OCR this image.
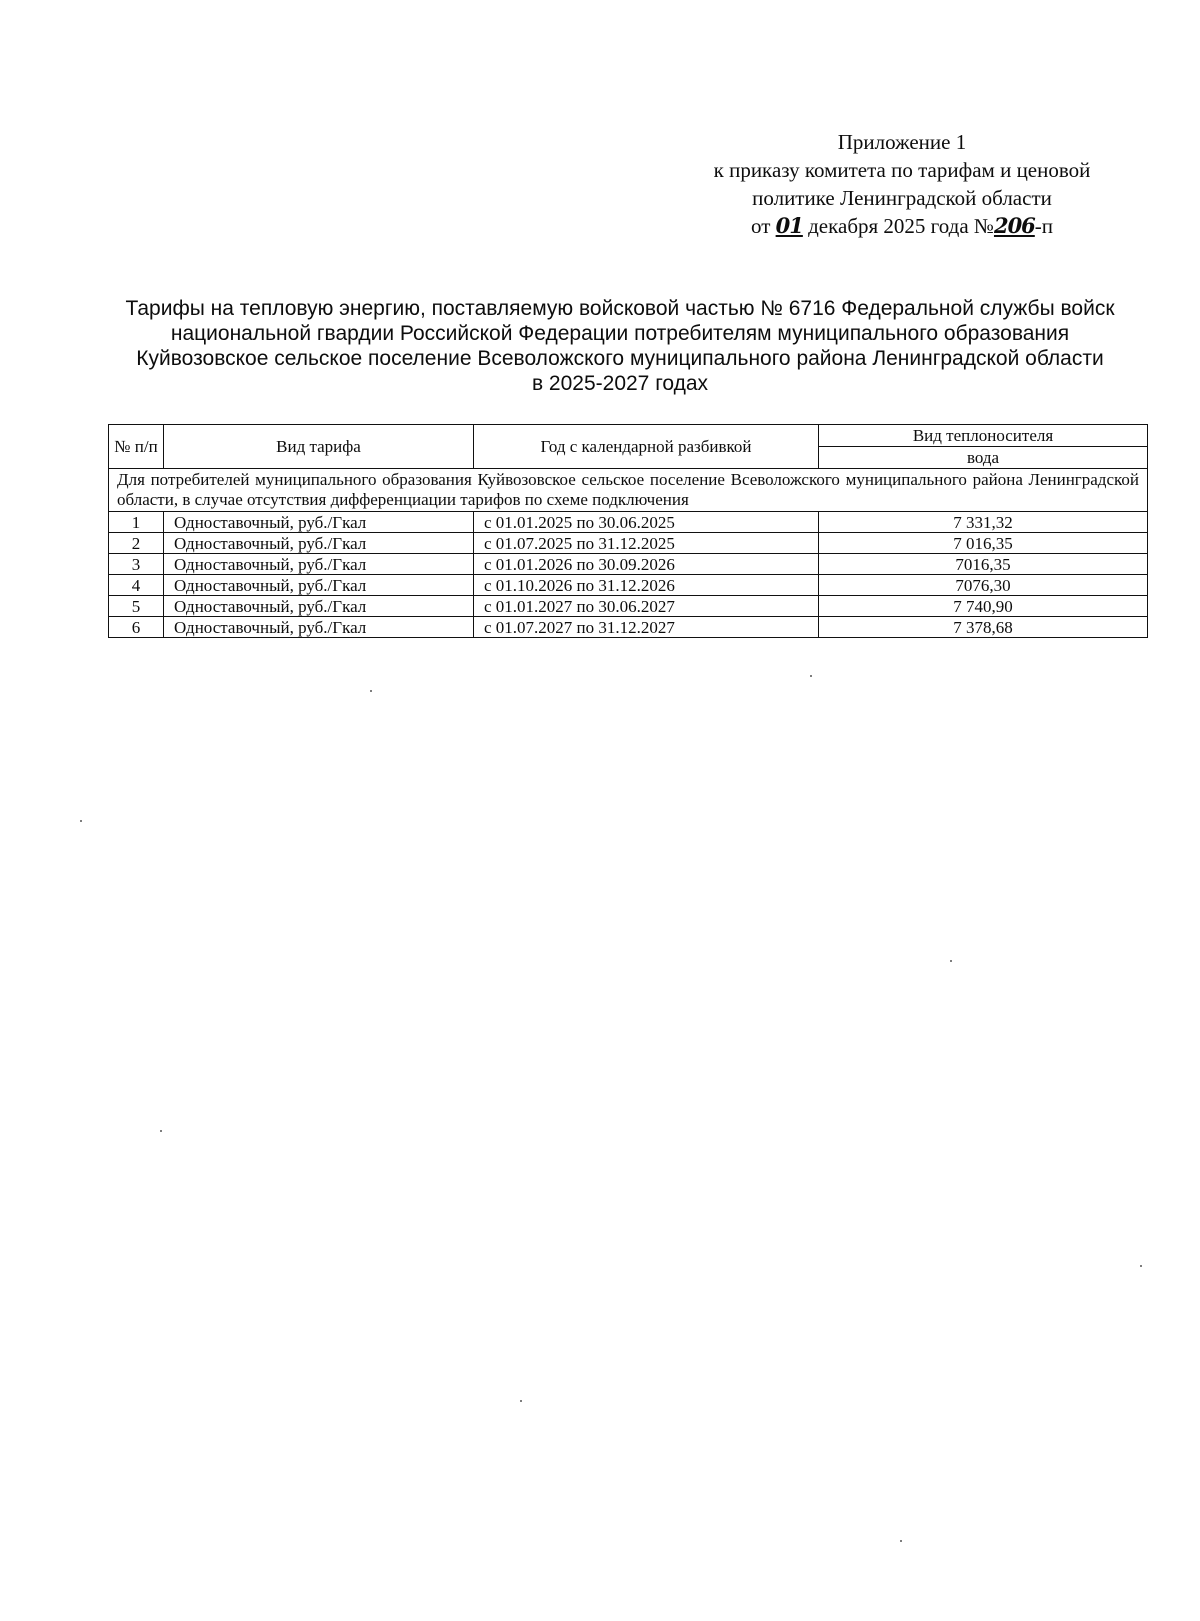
Приложение 1
к приказу комитета по тарифам и ценовой
политике Ленинградской области
от 01 декабря 2025 года №206-п
Тарифы на тепловую энергию, поставляемую войсковой частью № 6716 Федеральной службы войск
национальной гвардии Российской Федерации потребителям муниципального образования
Куйвозовское сельское поселение Всеволожского муниципального района Ленинградской области
в 2025-2027 годах
№ п/п	Вид тарифа	Год с календарной разбивкой	Вид теплоносителя
			вода
Для потребителей муниципального образования Куйвозовское сельское поселение Всеволожского муниципального района Ленинградской области, в случае отсутствия дифференциации тарифов по схеме подключения			
1	Одноставочный, руб./Гкал	с 01.01.2025 по 30.06.2025	7 331,32
2	Одноставочный, руб./Гкал	с 01.07.2025 по 31.12.2025	7 016,35
3	Одноставочный, руб./Гкал	с 01.01.2026 по 30.09.2026	7016,35
4	Одноставочный, руб./Гкал	с 01.10.2026 по 31.12.2026	7076,30
5	Одноставочный, руб./Гкал	с 01.01.2027 по 30.06.2027	7 740,90
6	Одноставочный, руб./Гкал	с 01.07.2027 по 31.12.2027	7 378,68
